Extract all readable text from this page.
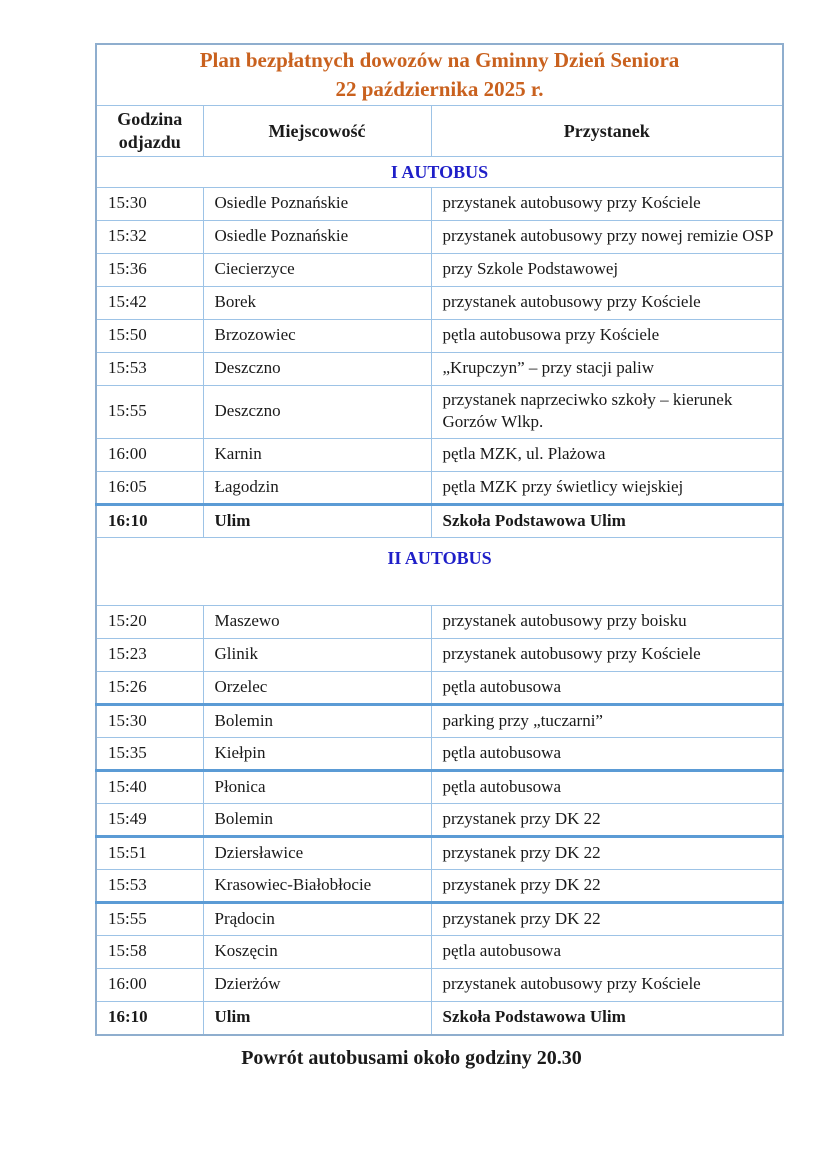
Plan bezpłatnych dowozów na Gminny Dzień Seniora
22 października 2025 r.		

Godzina odjazdu	Miejscowość	Przystanek
I AUTOBUS		
15:30	Osiedle Poznańskie	przystanek autobusowy przy Kościele
15:32	Osiedle Poznańskie	przystanek autobusowy przy nowej remizie OSP
15:36	Ciecierzyce	przy Szkole Podstawowej
15:42	Borek	przystanek autobusowy przy Kościele
15:50	Brzozowiec	pętla autobusowa przy Kościele
15:53	Deszczno	„Krupczyn” – przy stacji paliw
15:55	Deszczno	przystanek naprzeciwko szkoły – kierunek Gorzów Wlkp.
16:00	Karnin	pętla MZK, ul. Plażowa
16:05	Łagodzin	pętla MZK przy świetlicy wiejskiej
16:10	Ulim	Szkoła Podstawowa Ulim
II AUTOBUS		
15:20	Maszewo	przystanek autobusowy przy boisku
15:23	Glinik	przystanek autobusowy przy Kościele
15:26	Orzelec	pętla autobusowa
15:30	Bolemin	parking przy „tuczarni”
15:35	Kiełpin	pętla autobusowa
15:40	Płonica	pętla autobusowa
15:49	Bolemin	przystanek przy DK 22
15:51	Dziersławice	przystanek przy DK 22
15:53	Krasowiec-Białobłocie	przystanek przy DK 22
15:55	Prądocin	przystanek przy DK 22
15:58	Koszęcin	pętla autobusowa
16:00	Dzierżów	przystanek autobusowy przy Kościele
16:10	Ulim	Szkoła Podstawowa Ulim
Powrót autobusami około godziny 20.30
